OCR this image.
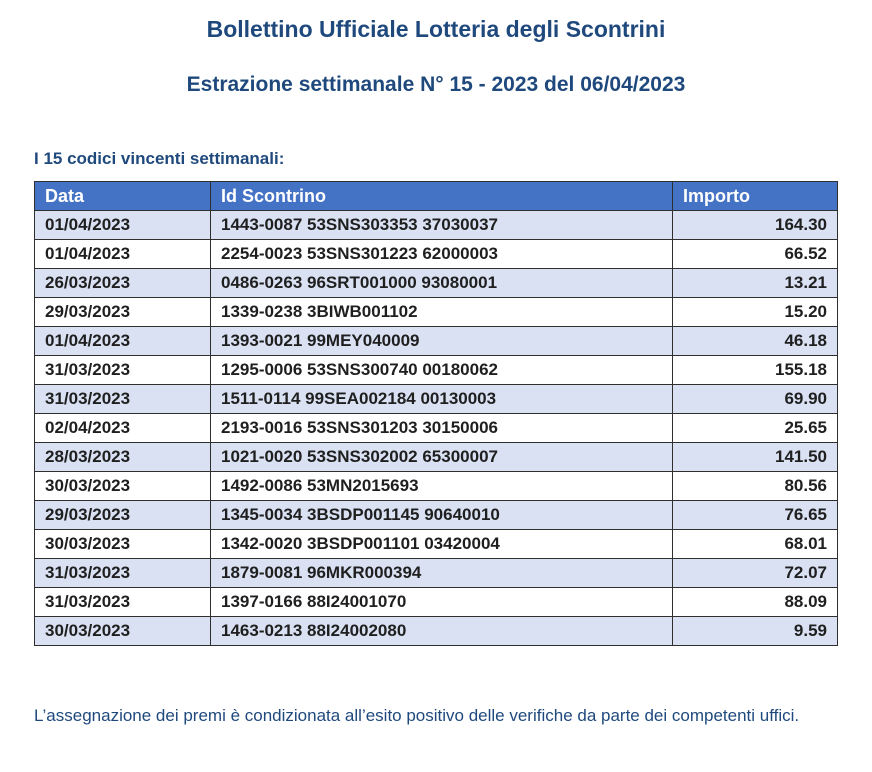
Bollettino Ufficiale Lotteria degli Scontrini
Estrazione settimanale N° 15 - 2023 del 06/04/2023
I 15 codici vincenti settimanali:
Data	Id Scontrino	Importo
01/04/2023	1443-0087 53SNS303353 37030037	164.30
01/04/2023	2254-0023 53SNS301223 62000003	66.52
26/03/2023	0486-0263 96SRT001000 93080001	13.21
29/03/2023	1339-0238 3BIWB001102	15.20
01/04/2023	1393-0021 99MEY040009	46.18
31/03/2023	1295-0006 53SNS300740 00180062	155.18
31/03/2023	1511-0114 99SEA002184 00130003	69.90
02/04/2023	2193-0016 53SNS301203 30150006	25.65
28/03/2023	1021-0020 53SNS302002 65300007	141.50
30/03/2023	1492-0086 53MN2015693	80.56
29/03/2023	1345-0034 3BSDP001145 90640010	76.65
30/03/2023	1342-0020 3BSDP001101 03420004	68.01
31/03/2023	1879-0081 96MKR000394	72.07
31/03/2023	1397-0166 88I24001070	88.09
30/03/2023	1463-0213 88I24002080	9.59

L’assegnazione dei premi è condizionata all’esito positivo delle verifiche da parte dei competenti uffici.
